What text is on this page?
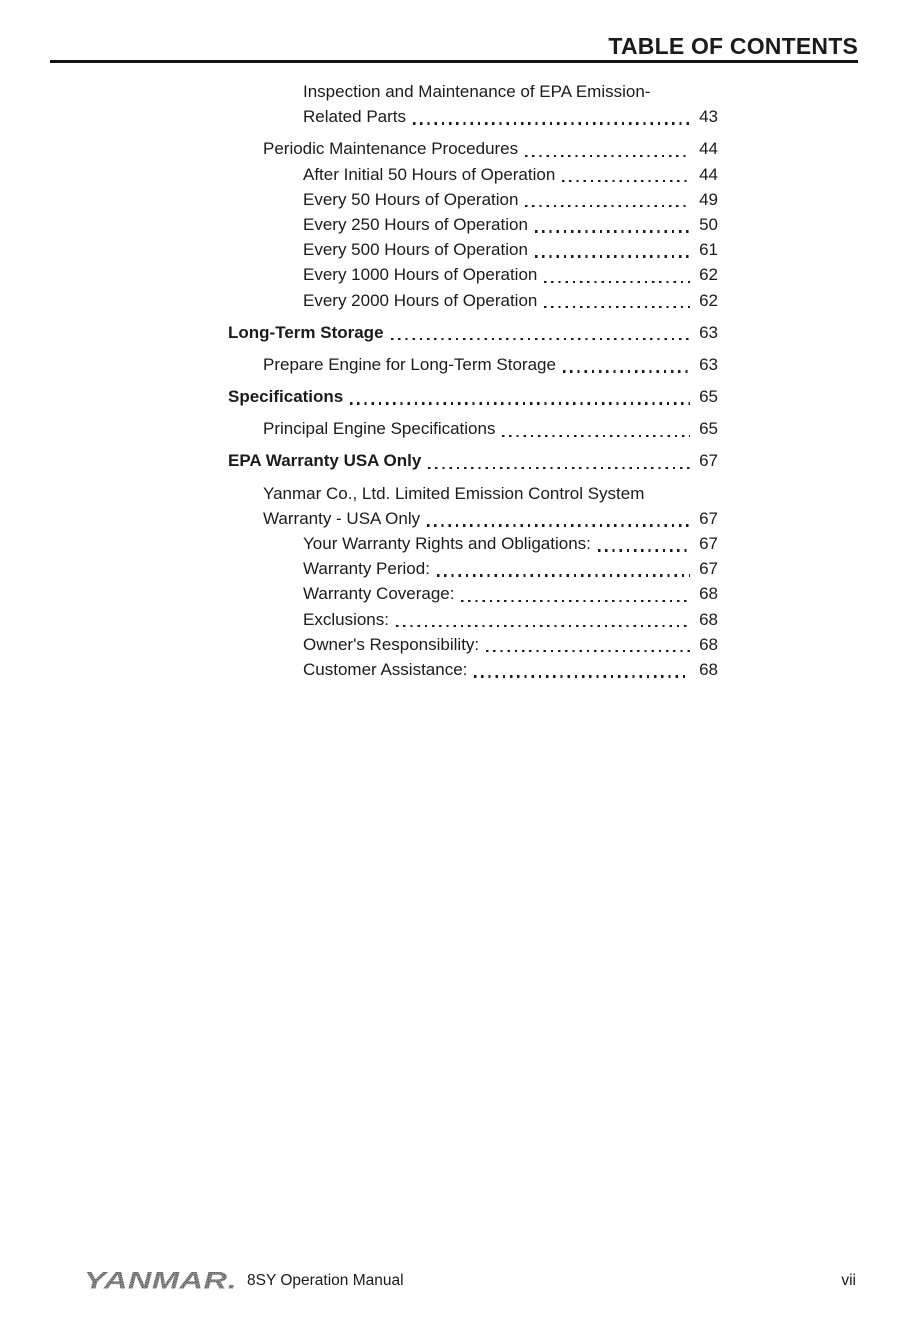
TABLE OF CONTENTS
Inspection and Maintenance of EPA Emission-
Related Parts	43
Periodic Maintenance Procedures	44
After Initial 50 Hours of Operation	44
Every 50 Hours of Operation	49
Every 250 Hours of Operation	50
Every 500 Hours of Operation	61
Every 1000 Hours of Operation	62
Every 2000 Hours of Operation	62
Long-Term Storage	63
Prepare Engine for Long-Term Storage	63
Specifications	65
Principal Engine Specifications	65
EPA Warranty USA Only	67
Yanmar Co., Ltd. Limited Emission Control System
Warranty - USA Only	67
Your Warranty Rights and Obligations:	67
Warranty Period:	67
Warranty Coverage:	68
Exclusions:	68
Owner's Responsibility:	68
Customer Assistance:	68
YANMAR. 8SY Operation Manual	vii
